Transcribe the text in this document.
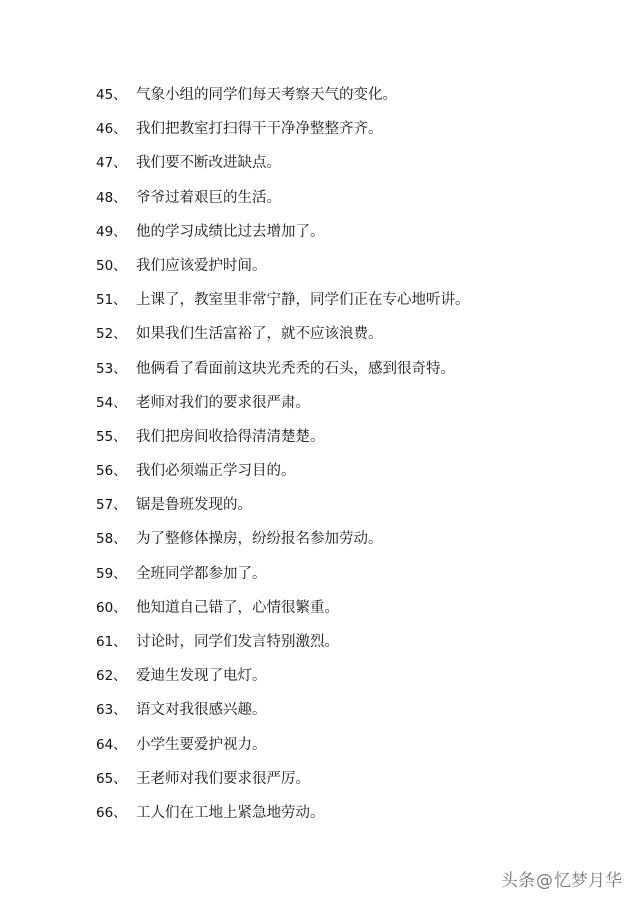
45、 气象小组的同学们每天考察天气的变化。
46、 我们把教室打扫得干干净净整整齐齐。
47、 我们要不断改进缺点。
48、 爷爷过着艰巨的生活。
49、 他的学习成绩比过去增加了。
50、 我们应该爱护时间。
51、 上课了，教室里非常宁静，同学们正在专心地听讲。
52、 如果我们生活富裕了，就不应该浪费。
53、 他俩看了看面前这块光秃秃的石头，感到很奇特。
54、 老师对我们的要求很严肃。
55、 我们把房间收拾得清清楚楚。
56、 我们必须端正学习目的。
57、 锯是鲁班发现的。
58、 为了整修体操房，纷纷报名参加劳动。
59、 全班同学都参加了。
60、 他知道自己错了，心情很繁重。
61、 讨论时，同学们发言特别激烈。
62、 爱迪生发现了电灯。
63、 语文对我很感兴趣。
64、 小学生要爱护视力。
65、 王老师对我们要求很严厉。
66、 工人们在工地上紧急地劳动。
头条@忆梦月华
